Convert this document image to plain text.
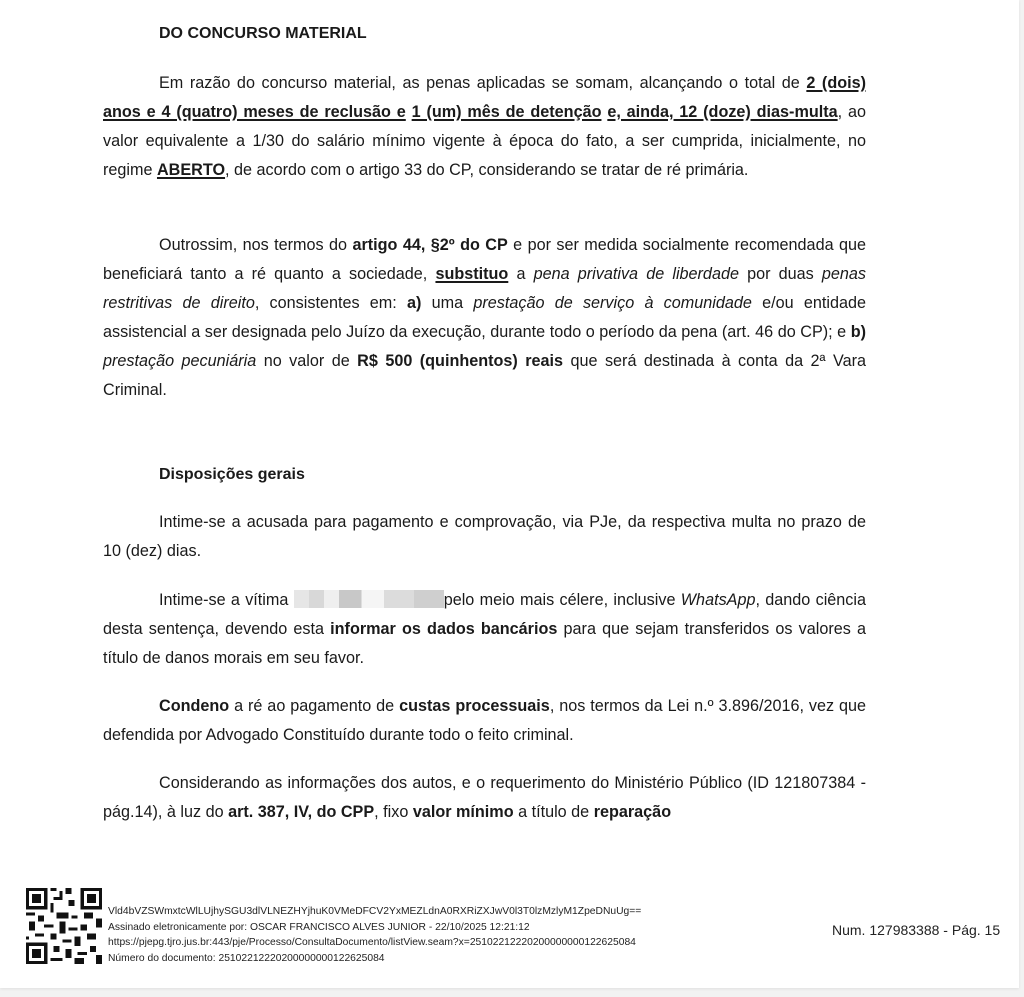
DO CONCURSO MATERIAL

Em razão do concurso material, as penas aplicadas se somam, alcançando o total de 2 (dois) anos e 4 (quatro) meses de reclusão e 1 (um) mês de detenção e, ainda, 12 (doze) dias-multa, ao valor equivalente a 1/30 do salário mínimo vigente à época do fato, a ser cumprida, inicialmente, no regime ABERTO, de acordo com o artigo 33 do CP, considerando se tratar de ré primária.

Outrossim, nos termos do artigo 44, §2º do CP e por ser medida socialmente recomendada que beneficiará tanto a ré quanto a sociedade, substituo a pena privativa de liberdade por duas penas restritivas de direito, consistentes em: a) uma prestação de serviço à comunidade e/ou entidade assistencial a ser designada pelo Juízo da execução, durante todo o período da pena (art. 46 do CP); e b) prestação pecuniária no valor de R$ 500 (quinhentos) reais que será destinada à conta da 2ª Vara Criminal.

Disposições gerais

Intime-se a acusada para pagamento e comprovação, via PJe, da respectiva multa no prazo de 10 (dez) dias.

Intime-se a vítima	pelo meio mais célere, inclusive WhatsApp, dando ciência desta sentença, devendo esta informar os dados bancários para que sejam transferidos os valores a título de danos morais em seu favor.

Condeno a ré ao pagamento de custas processuais, nos termos da Lei n.º 3.896/2016, vez que defendida por Advogado Constituído durante todo o feito criminal.

Considerando as informações dos autos, e o requerimento do Ministério Público (ID 121807384 - pág.14), à luz do art. 387, IV, do CPP, fixo valor mínimo a título de reparação

Vld4bVZSWmxtcWlLUjhySGU3dlVLNEZHYjhuK0VMeDFCV2YxMEZLdnA0RXRiZXJwV0l3T0lzMzlyM1ZpeDNuUg==
Assinado eletronicamente por: OSCAR FRANCISCO ALVES JUNIOR - 22/10/2025 12:21:12
https://pjepg.tjro.jus.br:443/pje/Processo/ConsultaDocumento/listView.seam?x=25102212220200000000122625084
Número do documento: 25102212220200000000122625084
Num. 127983388 - Pág. 15
